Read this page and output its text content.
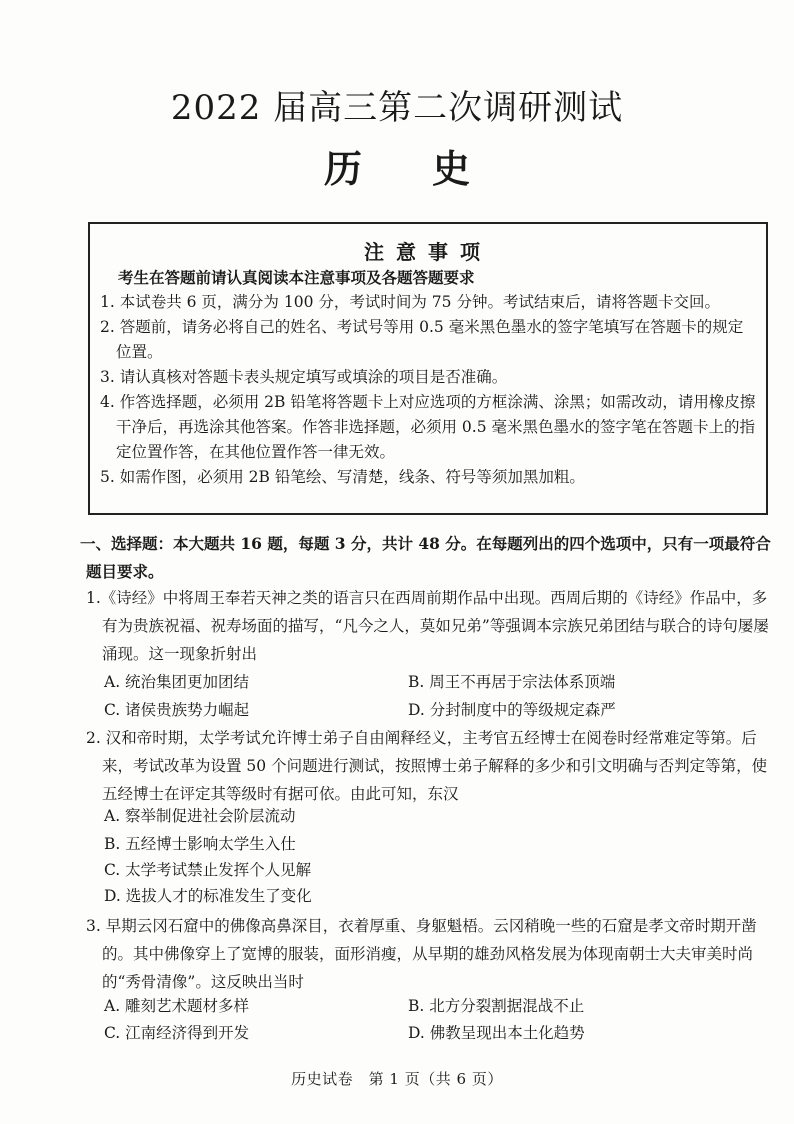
2022 届高三第二次调研测试
历史
注意事项
考生在答题前请认真阅读本注意事项及各题答题要求
1. 本试卷共 6 页，满分为 100 分，考试时间为 75 分钟。考试结束后，请将答题卡交回。
2. 答题前，请务必将自己的姓名、考试号等用 0.5 毫米黑色墨水的签字笔填写在答题卡的规定位置。
3. 请认真核对答题卡表头规定填写或填涂的项目是否准确。
4. 作答选择题，必须用 2B 铅笔将答题卡上对应选项的方框涂满、涂黑；如需改动，请用橡皮擦干净后，再选涂其他答案。作答非选择题，必须用 0.5 毫米黑色墨水的签字笔在答题卡上的指定位置作答，在其他位置作答一律无效。
5. 如需作图，必须用 2B 铅笔绘、写清楚，线条、符号等须加黑加粗。
一、选择题：本大题共 16 题，每题 3 分，共计 48 分。在每题列出的四个选项中，只有一项最符合题目要求。
1.《诗经》中将周王奉若天神之类的语言只在西周前期作品中出现。西周后期的《诗经》作品中，多有为贵族祝福、祝寿场面的描写，“凡今之人，莫如兄弟”等强调本宗族兄弟团结与联合的诗句屡屡涌现。这一现象折射出
A. 统治集团更加团结	B. 周王不再居于宗法体系顶端
C. 诸侯贵族势力崛起	D. 分封制度中的等级规定森严
2. 汉和帝时期，太学考试允许博士弟子自由阐释经义，主考官五经博士在阅卷时经常难定等第。后来，考试改革为设置 50 个问题进行测试，按照博士弟子解释的多少和引文明确与否判定等第，使五经博士在评定其等级时有据可依。由此可知，东汉
A. 察举制促进社会阶层流动
B. 五经博士影响太学生入仕
C. 太学考试禁止发挥个人见解
D. 选拔人才的标准发生了变化
3. 早期云冈石窟中的佛像高鼻深目，衣着厚重、身躯魁梧。云冈稍晚一些的石窟是孝文帝时期开凿的。其中佛像穿上了宽博的服装，面形消瘦，从早期的雄劲风格发展为体现南朝士大夫审美时尚的“秀骨清像”。这反映出当时
A. 雕刻艺术题材多样	B. 北方分裂割据混战不止
C. 江南经济得到开发	D. 佛教呈现出本土化趋势
历史试卷　第 1 页（共 6 页）
